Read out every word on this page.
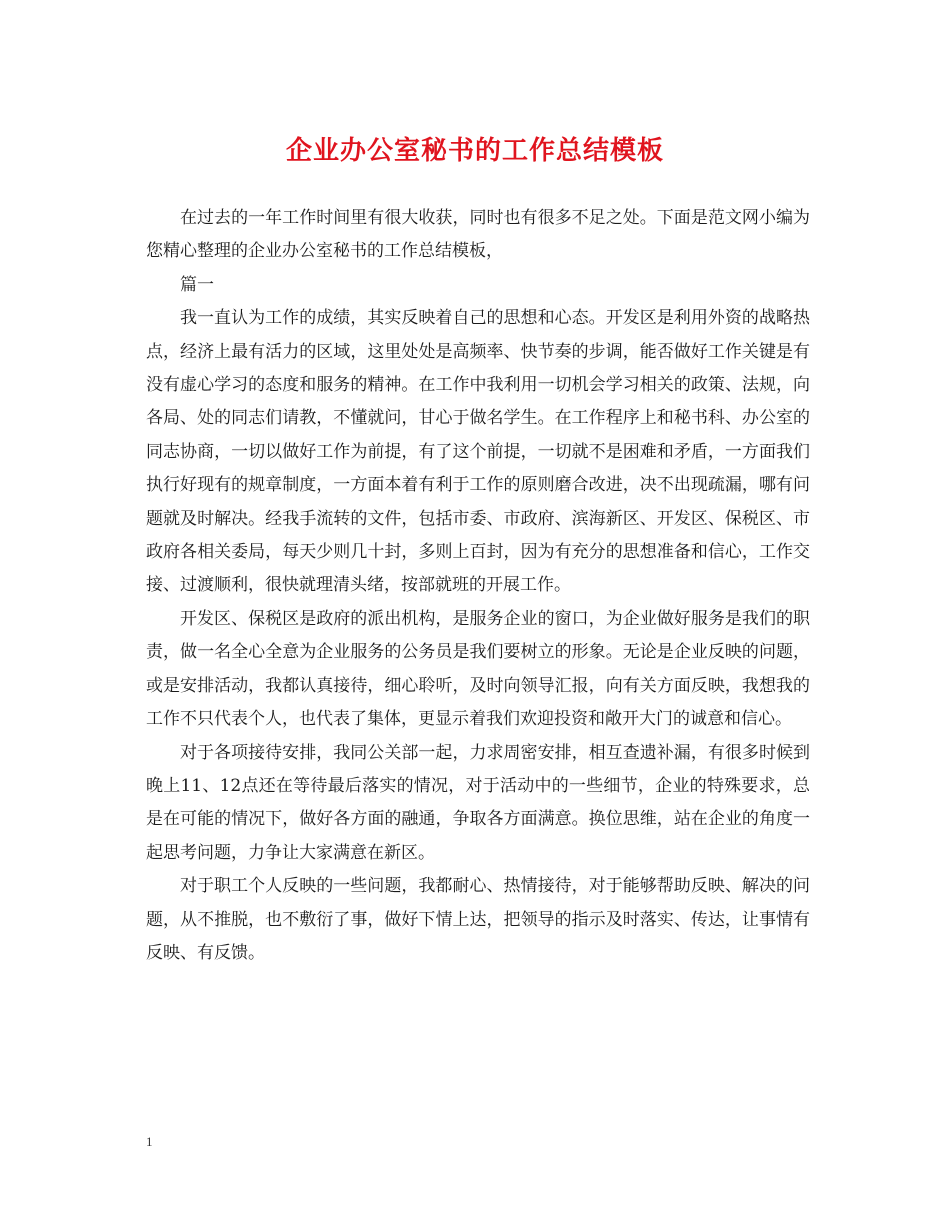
企业办公室秘书的工作总结模板

在过去的一年工作时间里有很大收获，同时也有很多不足之处。下面是范文网小编为您精心整理的企业办公室秘书的工作总结模板，

篇一

我一直认为工作的成绩，其实反映着自己的思想和心态。开发区是利用外资的战略热点，经济上最有活力的区域，这里处处是高频率、快节奏的步调，能否做好工作关键是有没有虚心学习的态度和服务的精神。在工作中我利用一切机会学习相关的政策、法规，向各局、处的同志们请教，不懂就问，甘心于做名学生。在工作程序上和秘书科、办公室的同志协商，一切以做好工作为前提，有了这个前提，一切就不是困难和矛盾，一方面我们执行好现有的规章制度，一方面本着有利于工作的原则磨合改进，决不出现疏漏，哪有问题就及时解决。经我手流转的文件，包括市委、市政府、滨海新区、开发区、保税区、市政府各相关委局，每天少则几十封，多则上百封，因为有充分的思想准备和信心，工作交接、过渡顺利，很快就理清头绪，按部就班的开展工作。

开发区、保税区是政府的派出机构，是服务企业的窗口，为企业做好服务是我们的职责，做一名全心全意为企业服务的公务员是我们要树立的形象。无论是企业反映的问题，或是安排活动，我都认真接待，细心聆听，及时向领导汇报，向有关方面反映，我想我的工作不只代表个人，也代表了集体，更显示着我们欢迎投资和敞开大门的诚意和信心。

对于各项接待安排，我同公关部一起，力求周密安排，相互查遗补漏，有很多时候到晚上11、12点还在等待最后落实的情况，对于活动中的一些细节，企业的特殊要求，总是在可能的情况下，做好各方面的融通，争取各方面满意。换位思维，站在企业的角度一起思考问题，力争让大家满意在新区。

对于职工个人反映的一些问题，我都耐心、热情接待，对于能够帮助反映、解决的问题，从不推脱，也不敷衍了事，做好下情上达，把领导的指示及时落实、传达，让事情有反映、有反馈。

1
